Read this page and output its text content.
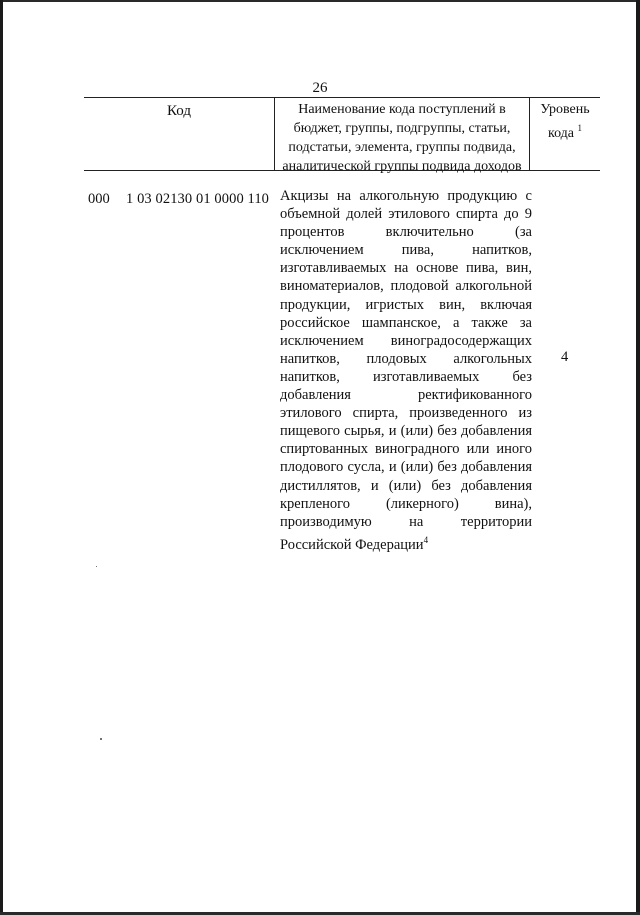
26
Код	Наименование кода поступлений в
бюджет, группы, подгруппы, статьи,
подстатьи, элемента, группы подвида,
аналитической группы подвида доходов
Уровень
кода $^1$
000 1 03 02130 01 0000 110 Акцизы на алкогольную продукцию с
объемной долей этилового спирта до 9
процентов включительно (за
исключением пива, напитков,
изготавливаемых на основе пива, вин,
виноматериалов, плодовой алкогольной
продукции, игристых вин, включая
российское шампанское, а также за
исключением виноградосодержащих
напитков, плодовых алкогольных
напитков, изготавливаемых без
добавления ректификованного
этилового спирта, произведенного из
пищевого сырья, и (или) без добавления
спиртованных виноградного или иного
плодового сусла, и (или) без добавления
дистиллятов, и (или) без добавления
крепленого (ликерного) вина),
производимую на территории
Российской Федерации$^4$
4
